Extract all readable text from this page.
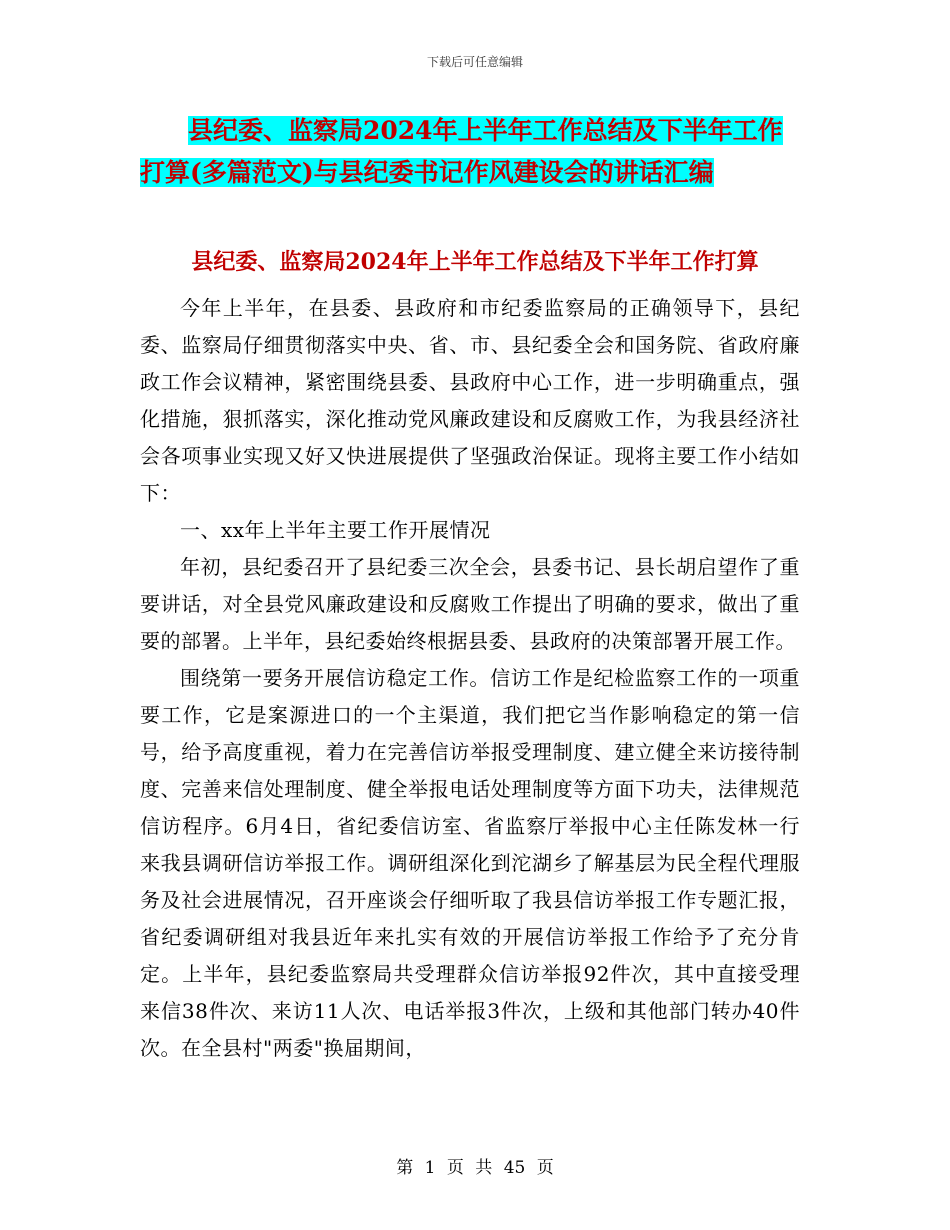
下载后可任意编辑
县纪委、监察局2024年上半年工作总结及下半年工作
打算(多篇范文)与县纪委书记作风建设会的讲话汇编
县纪委、监察局2024年上半年工作总结及下半年工作打算

今年上半年，在县委、县政府和市纪委监察局的正确领导下，县纪委、监察局仔细贯彻落实中央、省、市、县纪委全会和国务院、省政府廉政工作会议精神，紧密围绕县委、县政府中心工作，进一步明确重点，强化措施，狠抓落实，深化推动党风廉政建设和反腐败工作，为我县经济社会各项事业实现又好又快进展提供了坚强政治保证。现将主要工作小结如下：

一、xx年上半年主要工作开展情况

年初，县纪委召开了县纪委三次全会，县委书记、县长胡启望作了重要讲话，对全县党风廉政建设和反腐败工作提出了明确的要求，做出了重要的部署。上半年，县纪委始终根据县委、县政府的决策部署开展工作。

围绕第一要务开展信访稳定工作。信访工作是纪检监察工作的一项重要工作，它是案源进口的一个主渠道，我们把它当作影响稳定的第一信号，给予高度重视，着力在完善信访举报受理制度、建立健全来访接待制度、完善来信处理制度、健全举报电话处理制度等方面下功夫，法律规范信访程序。6月4日，省纪委信访室、省监察厅举报中心主任陈发林一行来我县调研信访举报工作。调研组深化到沱湖乡了解基层为民全程代理服务及社会进展情况，召开座谈会仔细听取了我县信访举报工作专题汇报，省纪委调研组对我县近年来扎实有效的开展信访举报工作给予了充分肯定。上半年，县纪委监察局共受理群众信访举报92件次，其中直接受理来信38件次、来访11人次、电话举报3件次，上级和其他部门转办40件次。在全县村"两委"换届期间，

第 1 页 共 45 页
